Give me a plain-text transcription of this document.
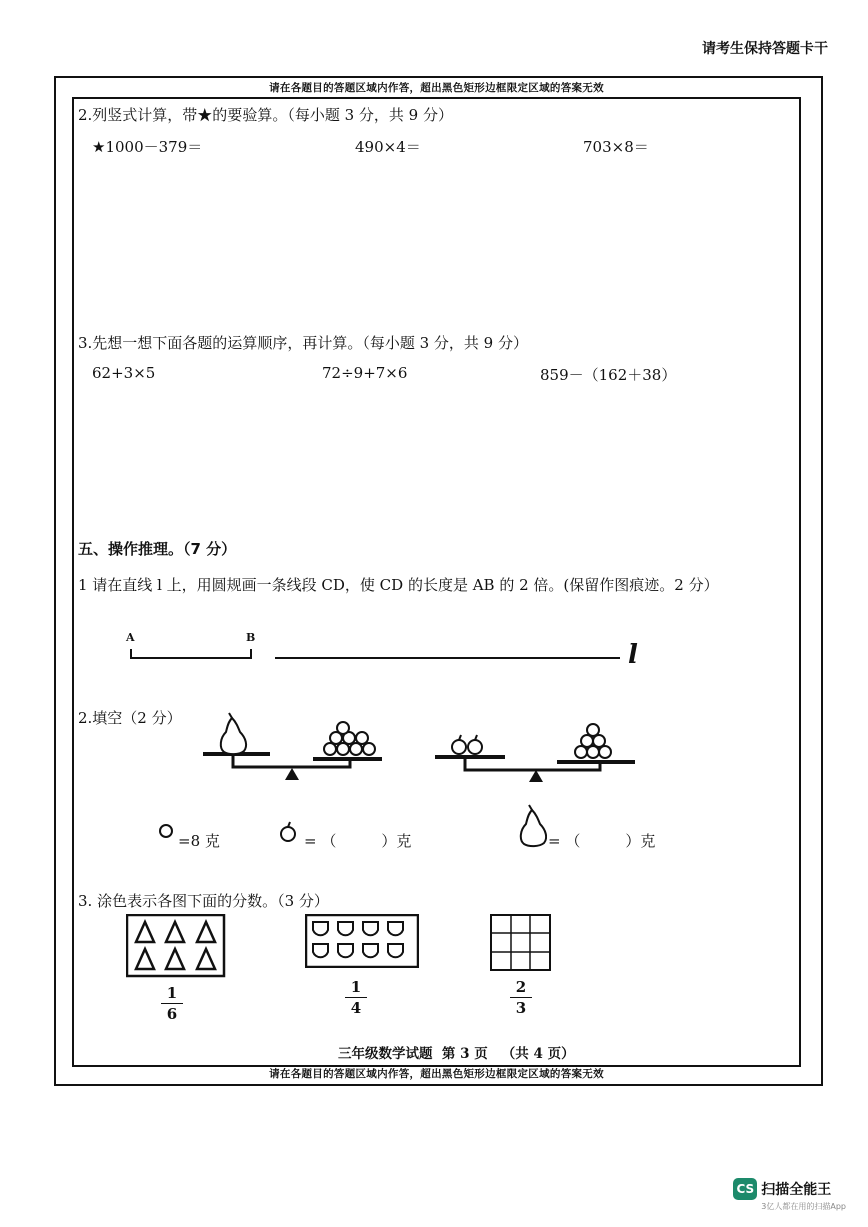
请考生保持答题卡干
请在各题目的答题区域内作答，超出黑色矩形边框限定区域的答案无效
请在各题目的答题区域内作答，超出黑色矩形边框限定区域的答案无效
2.列竖式计算，带★的要验算。（每小题 3 分，共 9 分）
★1000－379＝	490×4＝	703×8＝
3.先想一想下面各题的运算顺序，再计算。（每小题 3 分，共 9 分）
62+3×5	72÷9+7×6	859－（162＋38）
五、操作推理。（7 分）
1 请在直线 l 上，用圆规画一条线段 CD，使 CD 的长度是 AB 的 2 倍。(保留作图痕迹。2 分）
A	B
l
2.填空（2 分）
=8 克	= （　　　）克	= （　　　）克
3. 涂色表示各图下面的分数。（3 分）
1
6
1
4
2
3
三年级数学试题  第 3 页   （共 4 页）
CS 扫描全能王
3亿人都在用的扫描App
